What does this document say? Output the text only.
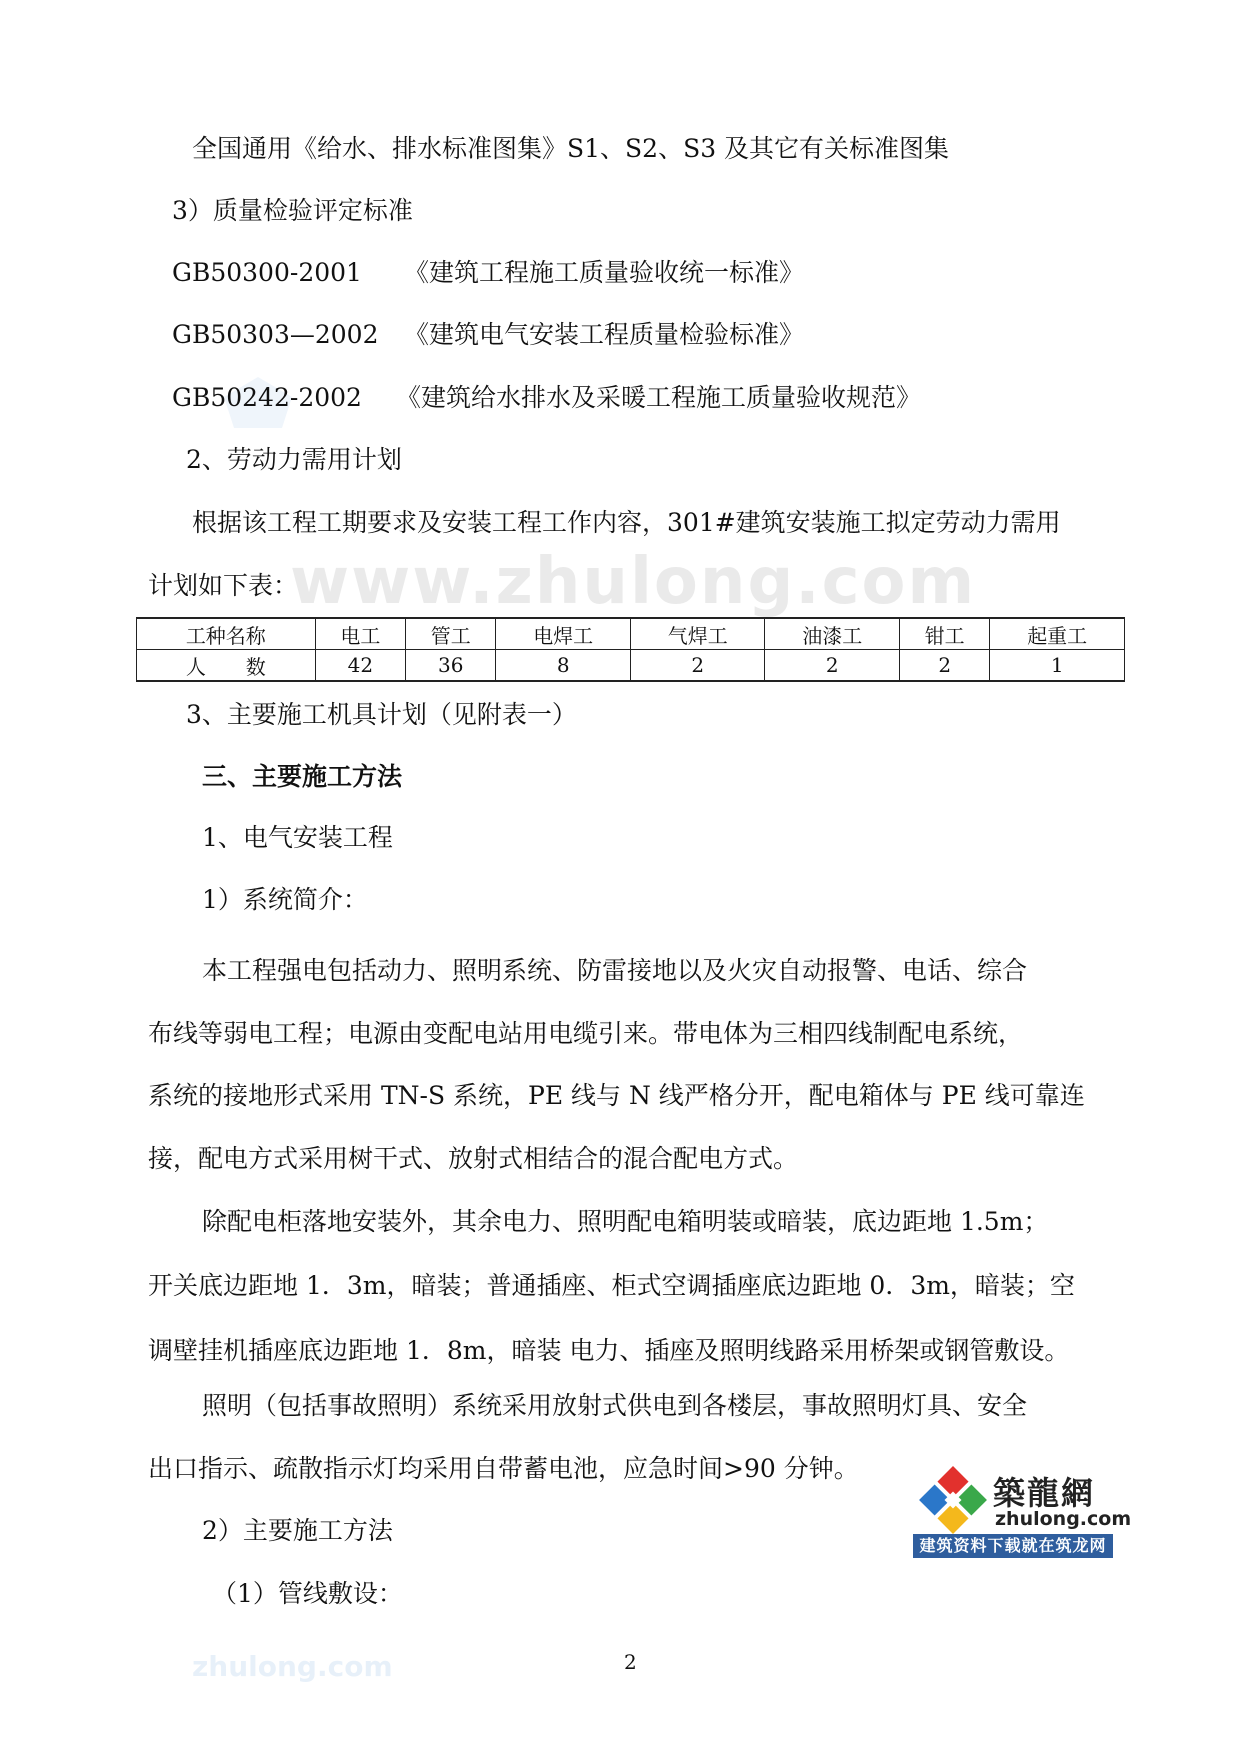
www.zhulong.com
zhulong.com
全国通用《给水、排水标准图集》S1、S2、S3 及其它有关标准图集
3）质量检验评定标准
GB50300-2001 《建筑工程施工质量验收统一标准》
GB50303—2002 《建筑电气安装工程质量检验标准》
GB50242-2002 《建筑给水排水及采暖工程施工质量验收规范》
2、劳动力需用计划
根据该工程工期要求及安装工程工作内容，301#建筑安装施工拟定劳动力需用
计划如下表：
工种名称	电工	管工	电焊工	气焊工	油漆工	钳工	起重工
人　　数	42	36	8	2	2	2	1
3、主要施工机具计划（见附表一）
三、主要施工方法
1、电气安装工程
1）系统简介：
本工程强电包括动力、照明系统、防雷接地以及火灾自动报警、电话、综合
布线等弱电工程；电源由变配电站用电缆引来。带电体为三相四线制配电系统，
系统的接地形式采用 TN-S 系统，PE 线与 N 线严格分开，配电箱体与 PE 线可靠连
接，配电方式采用树干式、放射式相结合的混合配电方式。
除配电柜落地安装外，其余电力、照明配电箱明装或暗装，底边距地 1.5m；
开关底边距地 1．3m，暗装；普通插座、柜式空调插座底边距地 0．3m，暗装；空
调壁挂机插座底边距地 1．8m，暗装 电力、插座及照明线路采用桥架或钢管敷设。
照明（包括事故照明）系统采用放射式供电到各楼层，事故照明灯具、安全
出口指示、疏散指示灯均采用自带蓄电池，应急时间>90 分钟。
2）主要施工方法
（1）管线敷设：
築龍網
zhulong.com
建筑资料下载就在筑龙网
2
